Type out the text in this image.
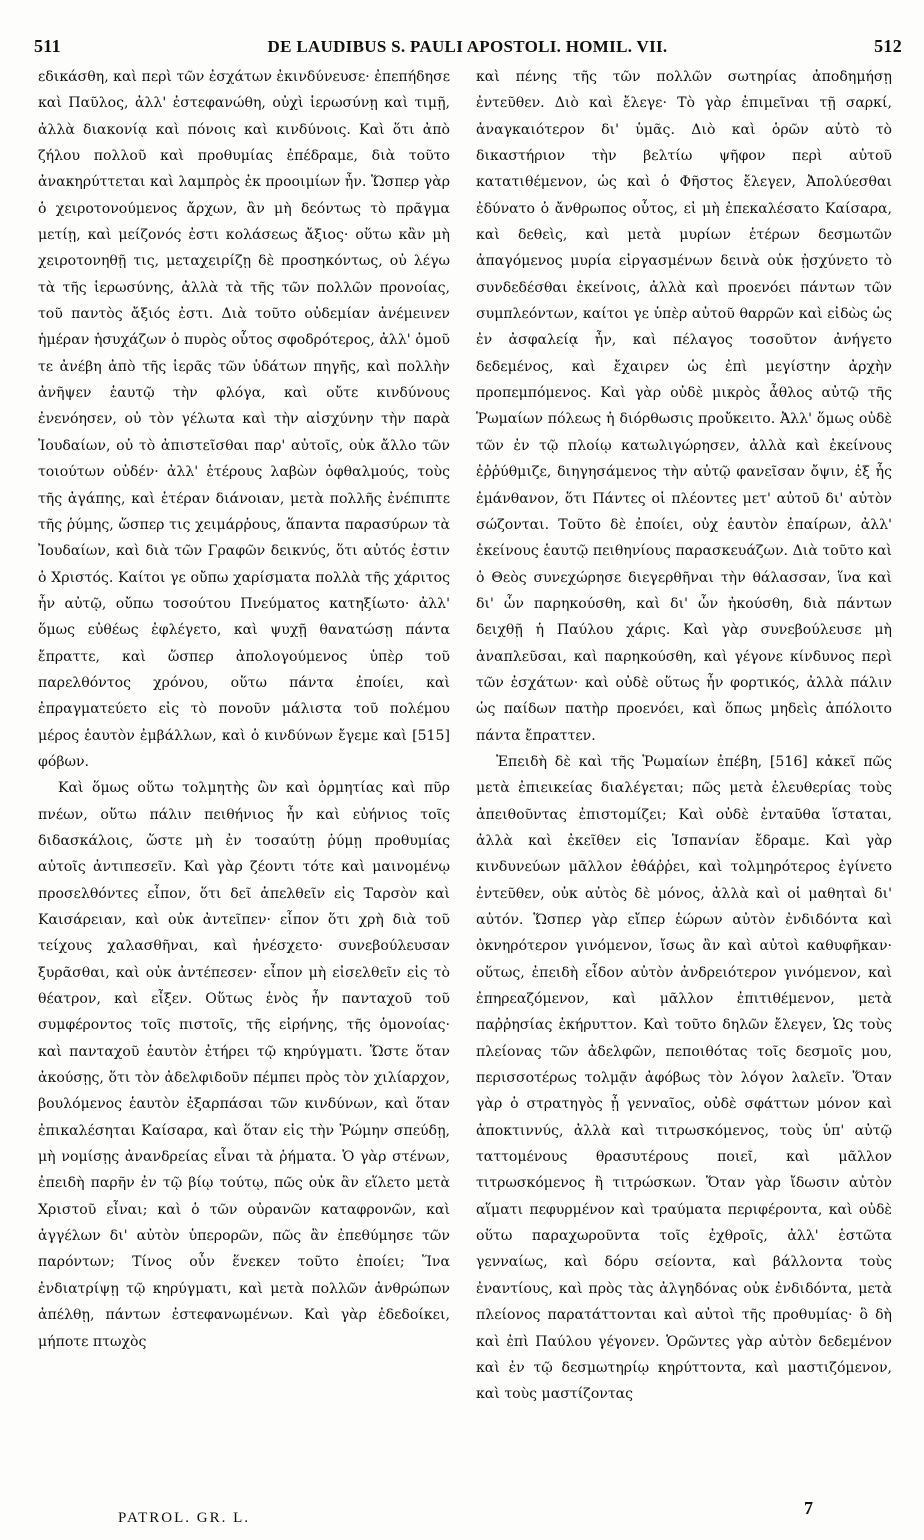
511	DE LAUDIBUS S. PAULI APOSTOLI. HOMIL. VII.	512

εδικάσθη, καὶ περὶ τῶν ἐσχάτων ἐκινδύνευσε· ἐπεπήδησε καὶ Παῦλος, ἀλλ' ἐστεφανώθη, οὐχὶ ἱερωσύνῃ καὶ τιμῇ, ἀλλὰ διακονίᾳ καὶ πόνοις καὶ κινδύνοις. Καὶ ὅτι ἀπὸ ζήλου πολλοῦ καὶ προθυμίας ἐπέδραμε, διὰ τοῦτο ἀνακηρύττεται καὶ λαμπρὸς ἐκ προοιμίων ἦν. Ὥσπερ γὰρ ὁ χειροτονούμενος ἄρχων, ἂν μὴ δεόντως τὸ πρᾶγμα μετίῃ, καὶ μείζονός ἐστι κολάσεως ἄξιος· οὕτω κἂν μὴ χειροτονηθῇ τις, μεταχειρίζῃ δὲ προσηκόντως, οὐ λέγω τὰ τῆς ἱερωσύνης, ἀλλὰ τὰ τῆς τῶν πολλῶν προνοίας, τοῦ παντὸς ἄξιός ἐστι. Διὰ τοῦτο οὐδεμίαν ἀνέμεινεν ἡμέραν ἡσυχάζων ὁ πυρὸς οὗτος σφοδρότερος, ἀλλ' ὁμοῦ τε ἀνέβη ἀπὸ τῆς ἱερᾶς τῶν ὑδάτων πηγῆς, καὶ πολλὴν ἀνῆψεν ἑαυτῷ τὴν φλόγα, καὶ οὔτε κινδύνους ἐνενόησεν, οὐ τὸν γέλωτα καὶ τὴν αἰσχύνην τὴν παρὰ Ἰουδαίων, οὐ τὸ ἀπιστεῖσθαι παρ' αὐτοῖς, οὐκ ἄλλο τῶν τοιούτων οὐδέν· ἀλλ' ἑτέρους λαβὼν ὀφθαλμούς, τοὺς τῆς ἀγάπης, καὶ ἑτέραν διάνοιαν, μετὰ πολλῆς ἐνέπιπτε τῆς ῥύμης, ὥσπερ τις χειμάρῥους, ἅπαντα παρασύρων τὰ Ἰουδαίων, καὶ διὰ τῶν Γραφῶν δεικνύς, ὅτι αὐτός ἐστιν ὁ Χριστός. Καίτοι γε οὔπω χαρίσματα πολλὰ τῆς χάριτος ἦν αὐτῷ, οὔπω τοσούτου Πνεύματος κατηξίωτο· ἀλλ' ὅμως εὐθέως ἐφλέγετο, καὶ ψυχῇ θανατώσῃ πάντα ἔπραττε, καὶ ὥσπερ ἀπολογούμενος ὑπὲρ τοῦ παρελθόντος χρόνου, οὕτω πάντα ἐποίει, καὶ ἐπραγματεύετο εἰς τὸ πονοῦν μάλιστα τοῦ πολέμου μέρος ἑαυτὸν ἐμβάλλων, καὶ ὁ κινδύνων ἔγεμε καὶ [515] φόβων.

Καὶ ὅμως οὕτω τολμητὴς ὢν καὶ ὁρμητίας καὶ πῦρ πνέων, οὕτω πάλιν πειθήνιος ἦν καὶ εὐήνιος τοῖς διδασκάλοις, ὥστε μὴ ἐν τοσαύτῃ ῥύμῃ προθυμίας αὐτοῖς ἀντιπεσεῖν. Καὶ γὰρ ζέοντι τότε καὶ μαινομένῳ προσελθόντες εἶπον, ὅτι δεῖ ἀπελθεῖν εἰς Ταρσὸν καὶ Καισάρειαν, καὶ οὐκ ἀντεῖπεν· εἶπον ὅτι χρὴ διὰ τοῦ τείχους χαλασθῆναι, καὶ ἠνέσχετο· συνεβούλευσαν ξυρᾶσθαι, καὶ οὐκ ἀντέπεσεν· εἶπον μὴ εἰσελθεῖν εἰς τὸ θέατρον, καὶ εἶξεν. Οὕτως ἑνὸς ἦν πανταχοῦ τοῦ συμφέροντος τοῖς πιστοῖς, τῆς εἰρήνης, τῆς ὁμονοίας· καὶ πανταχοῦ ἑαυτὸν ἐτήρει τῷ κηρύγματι. Ὥστε ὅταν ἀκούσῃς, ὅτι τὸν ἀδελφιδοῦν πέμπει πρὸς τὸν χιλίαρχον, βουλόμενος ἑαυτὸν ἐξαρπάσαι τῶν κινδύνων, καὶ ὅταν ἐπικαλέσηται Καίσαρα, καὶ ὅταν εἰς τὴν Ῥώμην σπεύδῃ, μὴ νομίσῃς ἀνανδρείας εἶναι τὰ ῥήματα. Ὁ γὰρ στένων, ἐπειδὴ παρῆν ἐν τῷ βίῳ τούτῳ, πῶς οὐκ ἂν εἵλετο μετὰ Χριστοῦ εἶναι; καὶ ὁ τῶν οὐρανῶν καταφρονῶν, καὶ ἀγγέλων δι' αὐτὸν ὑπερορῶν, πῶς ἂν ἐπεθύμησε τῶν παρόντων; Τίνος οὖν ἕνεκεν τοῦτο ἐποίει; Ἵνα ἐνδιατρίψῃ τῷ κηρύγματι, καὶ μετὰ πολλῶν ἀνθρώπων ἀπέλθῃ, πάντων ἐστεφανωμένων. Καὶ γὰρ ἐδεδοίκει, μήποτε πτωχὸς

καὶ πένης τῆς τῶν πολλῶν σωτηρίας ἀποδημήσῃ ἐντεῦθεν. Διὸ καὶ ἔλεγε· Τὸ γὰρ ἐπιμεῖναι τῇ σαρκί, ἀναγκαιότερον δι' ὑμᾶς. Διὸ καὶ ὁρῶν αὐτὸ τὸ δικαστήριον τὴν βελτίω ψῆφον περὶ αὐτοῦ κατατιθέμενον, ὡς καὶ ὁ Φῆστος ἔλεγεν, Ἀπολύεσθαι ἐδύνατο ὁ ἄνθρωπος οὗτος, εἰ μὴ ἐπεκαλέσατο Καίσαρα, καὶ δεθεὶς, καὶ μετὰ μυρίων ἑτέρων δεσμωτῶν ἀπαγόμενος μυρία εἰργασμένων δεινὰ οὐκ ᾐσχύνετο τὸ συνδεδέσθαι ἐκείνοις, ἀλλὰ καὶ προενόει πάντων τῶν συμπλεόντων, καίτοι γε ὑπὲρ αὐτοῦ θαρρῶν καὶ εἰδὼς ὡς ἐν ἀσφαλείᾳ ἦν, καὶ πέλαγος τοσοῦτον ἀνήγετο δεδεμένος, καὶ ἔχαιρεν ὡς ἐπὶ μεγίστην ἀρχὴν προπεμπόμενος. Καὶ γὰρ οὐδὲ μικρὸς ἆθλος αὐτῷ τῆς Ῥωμαίων πόλεως ἡ διόρθωσις προὔκειτο. Ἀλλ' ὅμως οὐδὲ τῶν ἐν τῷ πλοίῳ κατωλιγώρησεν, ἀλλὰ καὶ ἐκείνους ἐῤῥύθμιζε, διηγησάμενος τὴν αὐτῷ φανεῖσαν ὄψιν, ἐξ ἧς ἐμάνθανον, ὅτι Πάντες οἱ πλέοντες μετ' αὐτοῦ δι' αὐτὸν σώζονται. Τοῦτο δὲ ἐποίει, οὐχ ἑαυτὸν ἐπαίρων, ἀλλ' ἐκείνους ἑαυτῷ πειθηνίους παρασκευάζων. Διὰ τοῦτο καὶ ὁ Θεὸς συνεχώρησε διεγερθῆναι τὴν θάλασσαν, ἵνα καὶ δι' ὧν παρηκούσθη, καὶ δι' ὧν ἠκούσθη, διὰ πάντων δειχθῇ ἡ Παύλου χάρις. Καὶ γὰρ συνεβούλευσε μὴ ἀναπλεῦσαι, καὶ παρηκούσθη, καὶ γέγονε κίνδυνος περὶ τῶν ἐσχάτων· καὶ οὐδὲ οὕτως ἦν φορτικός, ἀλλὰ πάλιν ὡς παίδων πατὴρ προενόει, καὶ ὅπως μηδεὶς ἀπόλοιτο πάντα ἔπραττεν.

Ἐπειδὴ δὲ καὶ τῆς Ῥωμαίων ἐπέβη, [516] κἀκεῖ πῶς μετὰ ἐπιεικείας διαλέγεται; πῶς μετὰ ἐλευθερίας τοὺς ἀπειθοῦντας ἐπιστομίζει; Καὶ οὐδὲ ἐνταῦθα ἵσταται, ἀλλὰ καὶ ἐκεῖθεν εἰς Ἱσπανίαν ἔδραμε. Καὶ γὰρ κινδυνεύων μᾶλλον ἐθάῤῥει, καὶ τολμηρότερος ἐγίνετο ἐντεῦθεν, οὐκ αὐτὸς δὲ μόνος, ἀλλὰ καὶ οἱ μαθηταὶ δι' αὐτόν. Ὥσπερ γὰρ εἴπερ ἑώρων αὐτὸν ἐνδιδόντα καὶ ὀκνηρότερον γινόμενον, ἴσως ἂν καὶ αὐτοὶ καθυφῆκαν· οὕτως, ἐπειδὴ εἶδον αὐτὸν ἀνδρειότερον γινόμενον, καὶ ἐπηρεαζόμενον, καὶ μᾶλλον ἐπιτιθέμενον, μετὰ παῤῥησίας ἐκήρυττον. Καὶ τοῦτο δηλῶν ἔλεγεν, Ὡς τοὺς πλείονας τῶν ἀδελφῶν, πεποιθότας τοῖς δεσμοῖς μου, περισσοτέρως τολμᾷν ἀφόβως τὸν λόγον λαλεῖν. Ὅταν γὰρ ὁ στρατηγὸς ᾖ γενναῖος, οὐδὲ σφάττων μόνον καὶ ἀποκτιννύς, ἀλλὰ καὶ τιτρωσκόμενος, τοὺς ὑπ' αὐτῷ ταττομένους θρασυτέρους ποιεῖ, καὶ μᾶλλον τιτρωσκόμενος ἢ τιτρώσκων. Ὅταν γὰρ ἴδωσιν αὐτὸν αἵματι πεφυρμένον καὶ τραύματα περιφέροντα, καὶ οὐδὲ οὕτω παραχωροῦντα τοῖς ἐχθροῖς, ἀλλ' ἑστῶτα γενναίως, καὶ δόρυ σείοντα, καὶ βάλλοντα τοὺς ἐναντίους, καὶ πρὸς τὰς ἀλγηδόνας οὐκ ἐνδιδόντα, μετὰ πλείονος παρατάττονται καὶ αὐτοὶ τῆς προθυμίας· ὃ δὴ καὶ ἐπὶ Παύλου γέγονεν. Ὁρῶντες γὰρ αὐτὸν δεδεμένον καὶ ἐν τῷ δεσμωτηρίῳ κηρύττοντα, καὶ μαστιζόμενον, καὶ τοὺς μαστίζοντας

PATROL. GR. L.	7
